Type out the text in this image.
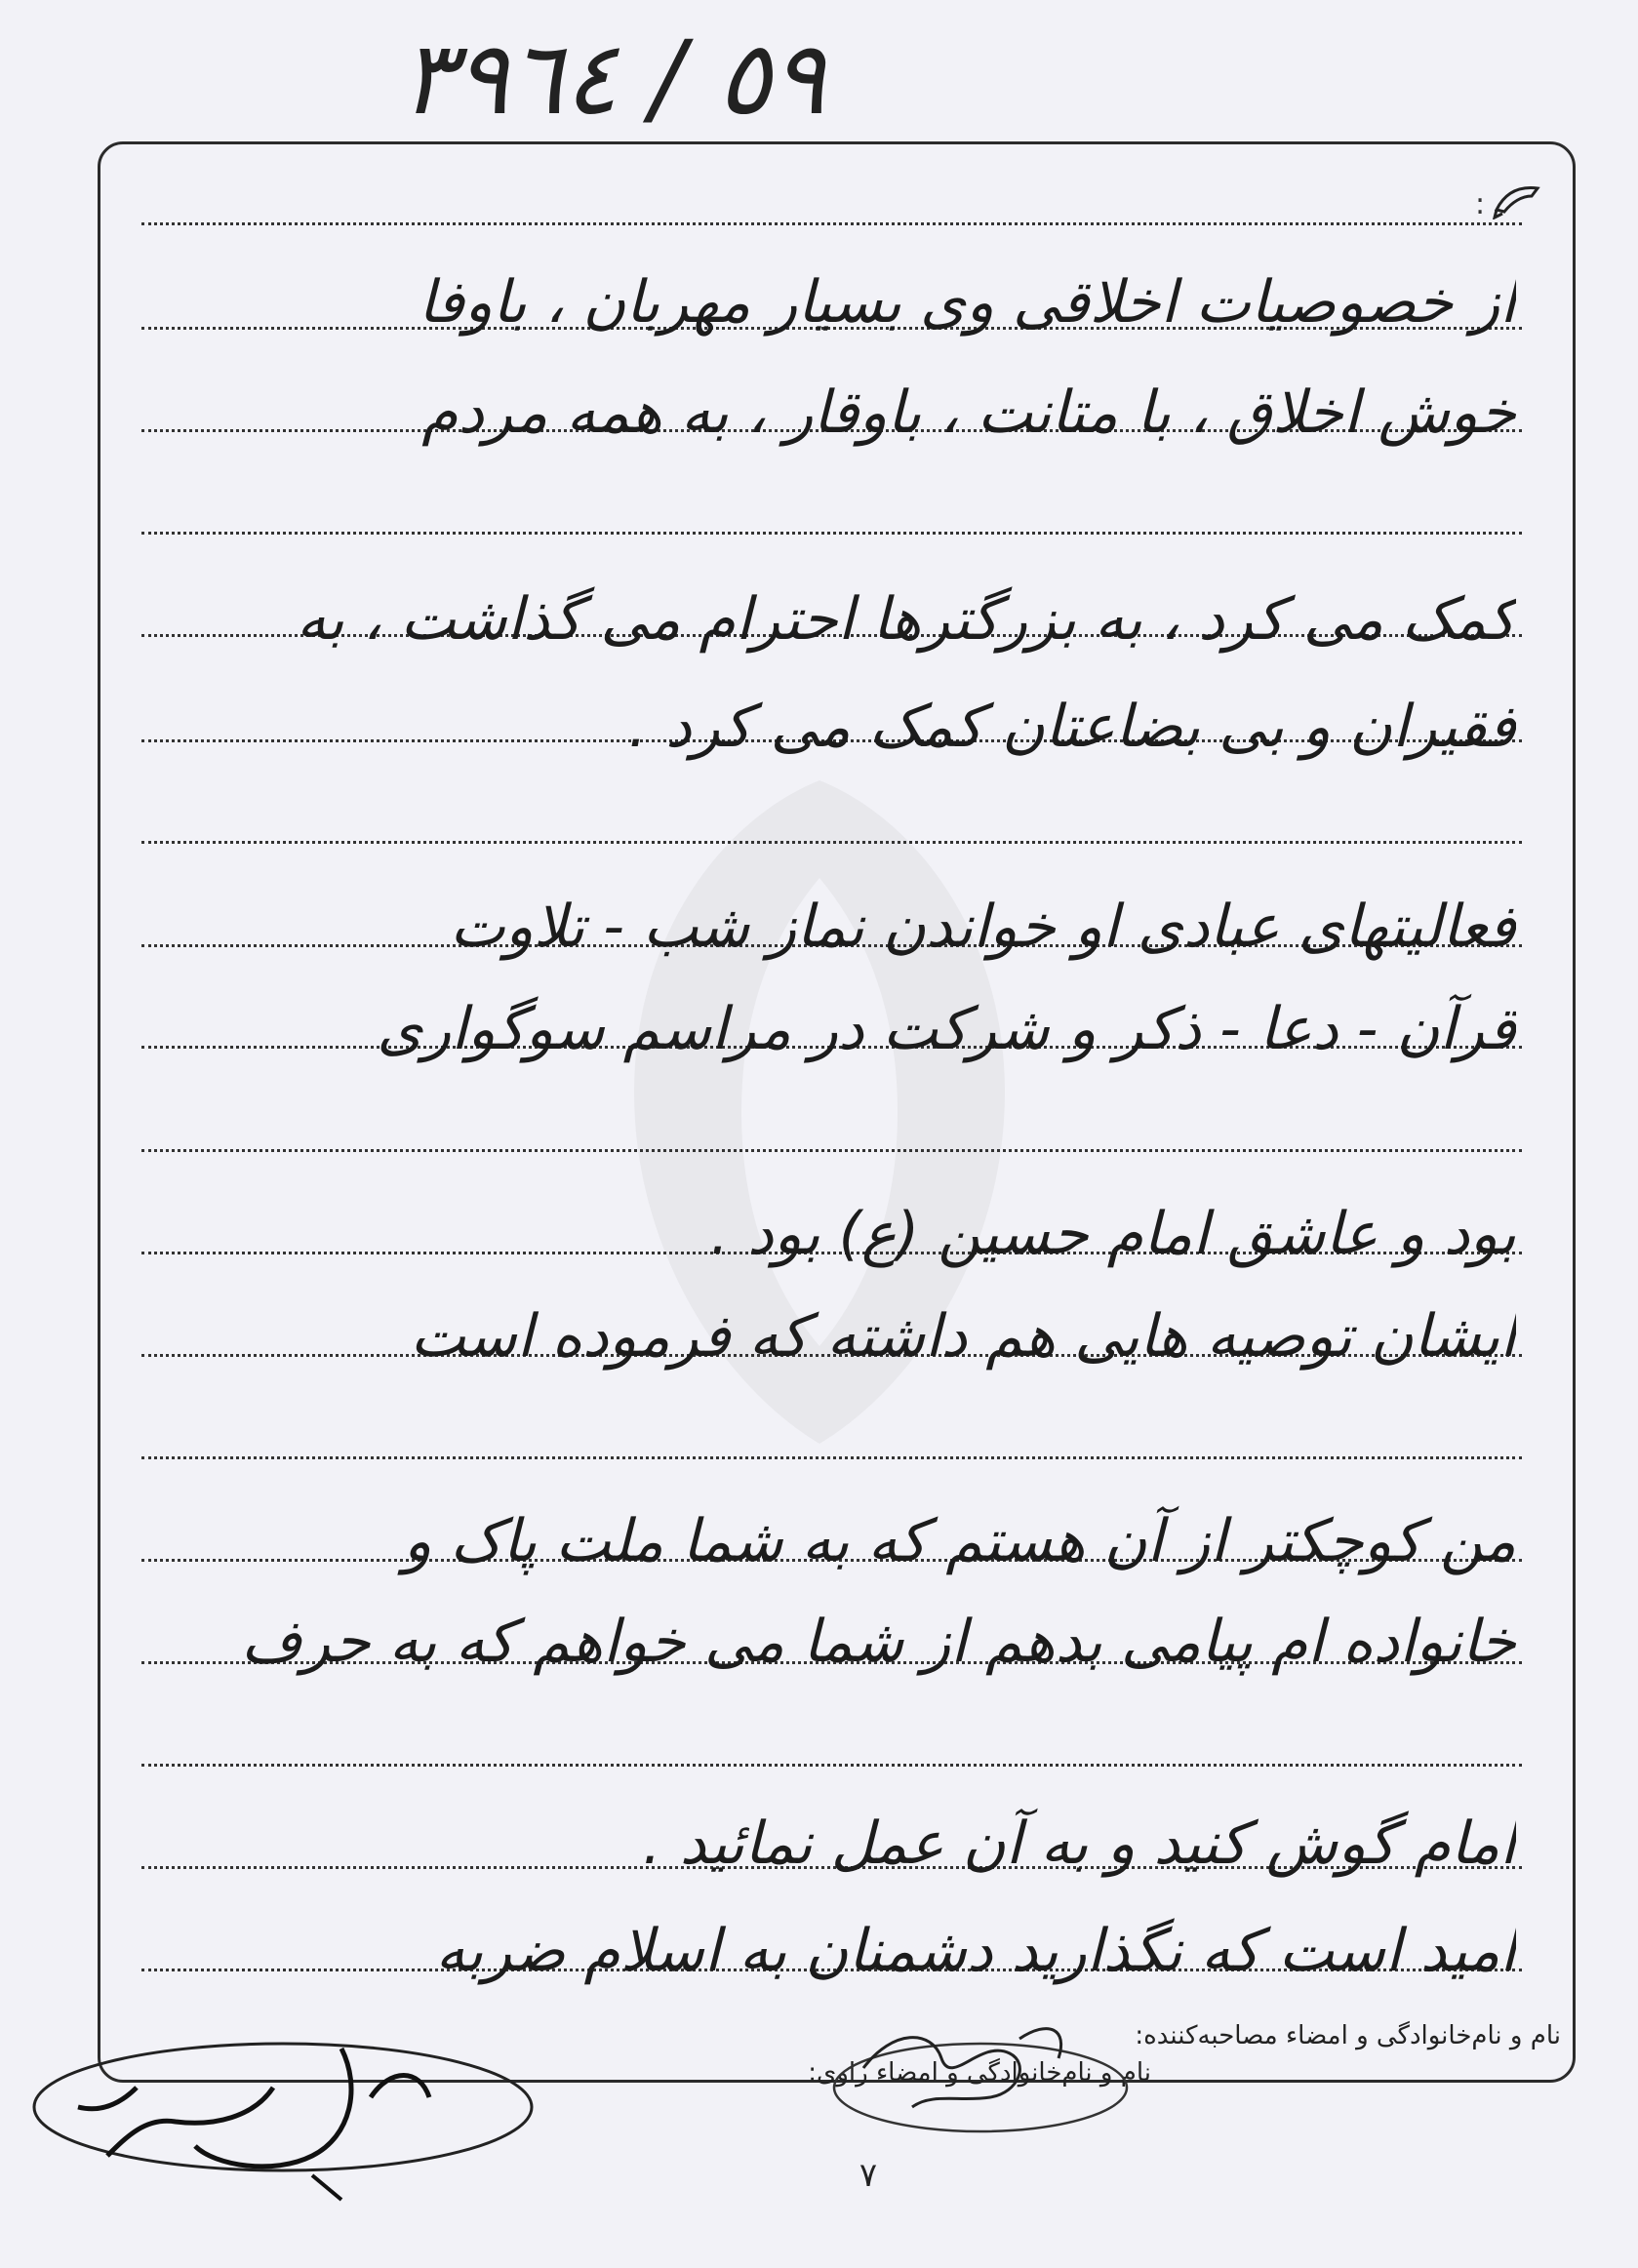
٥٩ / ٣٩٦٤
:
از خصوصیات اخلاقی وی بسیار مهربان ، باوفا
خوش اخلاق ، با متانت ، باوقار ، به همه مردم
کمک می کرد ، به بزرگترها احترام می گذاشت ، به
فقیران و بی بضاعتان کمک می کرد .
فعالیتهای عبادی او خواندن نماز شب - تلاوت
قرآن - دعا - ذکر و شرکت در مراسم سوگواری
بود و عاشق امام حسین (ع) بود .
ایشان توصیه هایی هم داشته که فرموده است
من کوچکتر از آن هستم که به شما ملت پاک و
خانواده ام پیامی بدهم از شما می خواهم که به حرف
امام گوش کنید و به آن عمل نمائید .
امید است که نگذارید دشمنان به اسلام ضربه
نام و نام‌خانوادگی و امضاء مصاحبه‌کننده:
نام و نام‌خانوادگی و امضاء راوی:
٧
